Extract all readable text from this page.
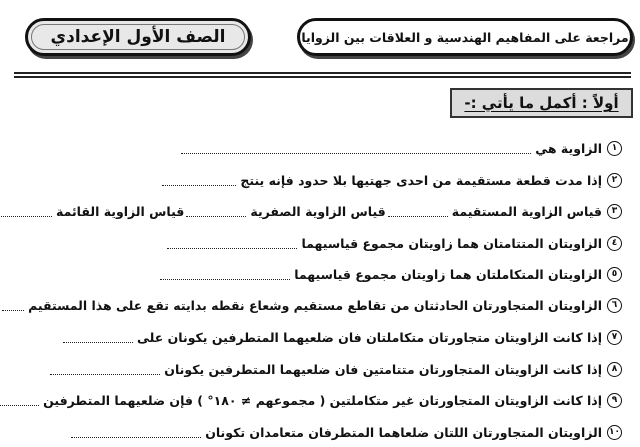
مراجعة على المفاهيم الهندسية و العلاقات بين الزوايا
الصف الأول الإعدادي
أولاً : أكمل ما يأتي :-
١
الزاوية هي
٢
إذا مدت قطعة مستقيمة من احدى جهتيها بلا حدود فإنه ينتج
٣
قياس الزاوية المستقيمة
قياس الزاوية الصفرية
قياس الزاوية القائمة
٤
الزاويتان المتتامتان هما زاويتان مجموع قياسيهما
٥
الزاويتان المتكاملتان هما زاويتان مجموع قياسيهما
٦
الزاويتان المتجاورتان الحادثتان من تقاطع مستقيم وشعاع نقطه بدايته تقع على هذا المستقيم
٧
إذا كانت الزاويتان متجاورتان متكاملتان فان ضلعيهما المتطرفين يكونان على
٨
إذا كانت الزاويتان المتجاورتان متتامتين فان ضلعيهما المتطرفين يكونان
٩
إذا كانت الزاويتان المتجاورتان غير متكاملتين ( مجموعهم ≠ ١٨٠° ) فإن ضلعيهما المتطرفين
١٠
الزاويتان المتجاورتان اللتان ضلعاهما المتطرفان متعامدان تكونان
